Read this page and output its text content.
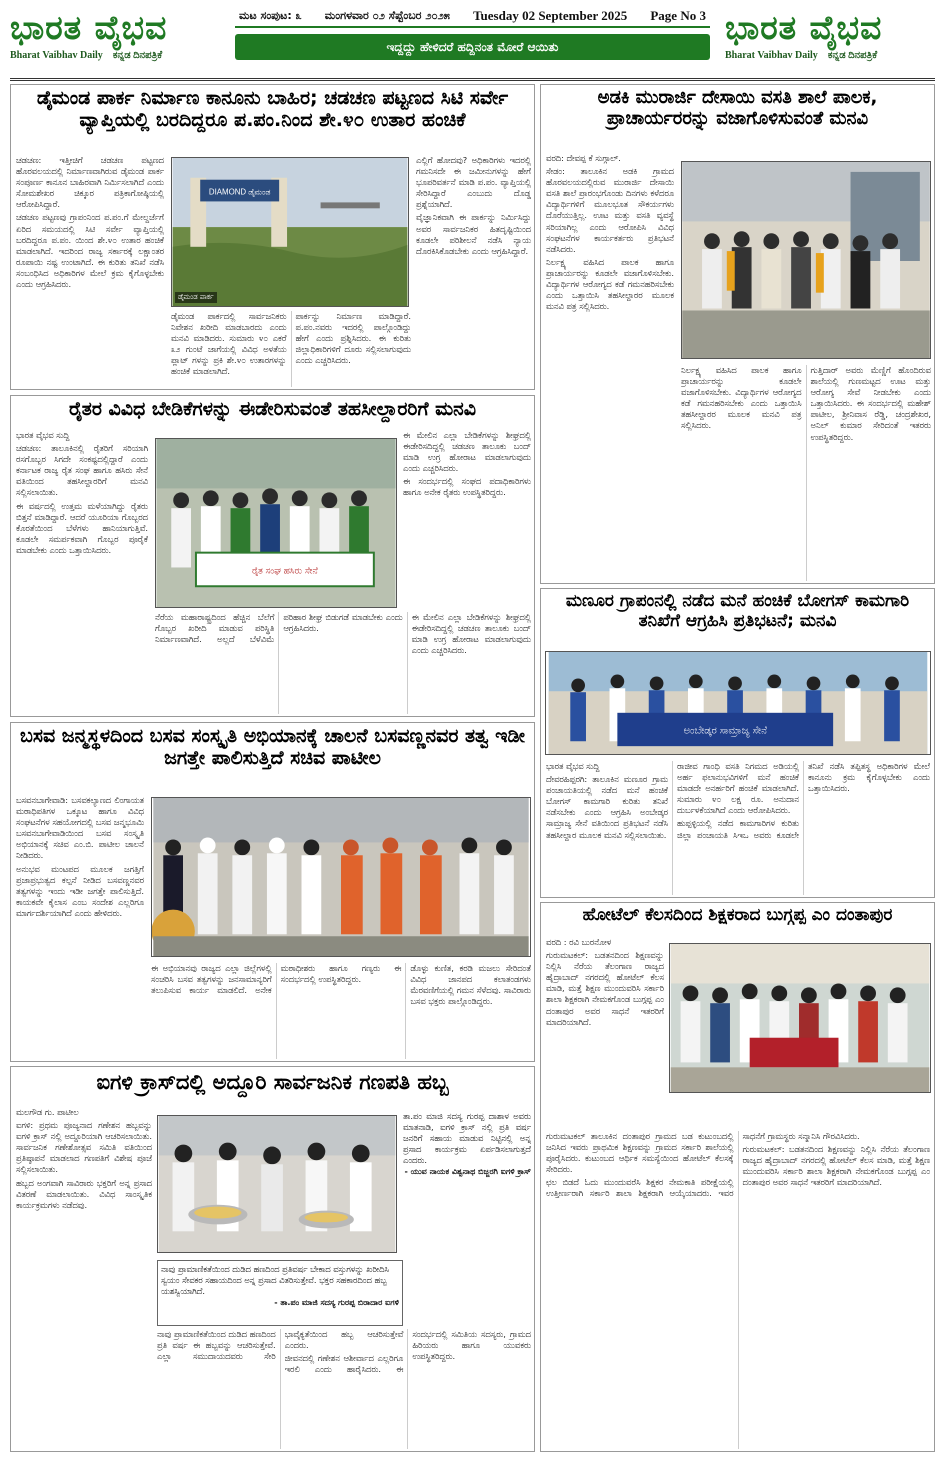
ಭಾರತ ವೈಭವ
Bharat Vaibhav Daily ಕನ್ನಡ ದಿನಪತ್ರಿಕೆ
ಮಟ ಸಂಪುಟ: ೩ ಮಂಗಳವಾರ ೦೨ ಸೆಪ್ಟೆಂಬರ ೨೦೨೫ Tuesday 02 September 2025 Page No 3
ಇದ್ದದ್ದು ಹೇಳಿದರೆ ಹದ್ದಿನಂತ ಮೋರೆ ಆಯಿತು	ಭಾರತ ವೈಭವ
Bharat Vaibhav Daily ಕನ್ನಡ ದಿನಪತ್ರಿಕೆ
ಡೈಮಂಡ ಪಾರ್ಕ ನಿರ್ಮಾಣ ಕಾನೂನು ಬಾಹಿರ; ಚಡಚಣ ಪಟ್ಟಣದ ಸಿಟಿ ಸರ್ವೇ ವ್ಯಾಪ್ತಿಯಲ್ಲಿ ಬರದಿದ್ದರೂ ಪ.ಪಂ.ನಿಂದ ಶೇ.೪೦ ಉತಾರ ಹಂಚಿಕೆ

ಚಡಚಣ: ಇತ್ತೀಚಿಗೆ ಚಡಚಣ ಪಟ್ಟಣದ ಹೊರವಲಯದಲ್ಲಿ ನಿರ್ಮಾಣವಾಗಿರುವ ಡೈಮಂಡ ಪಾರ್ಕ ಸಂಪೂರ್ಣ ಕಾನೂನ ಬಾಹಿರವಾಗಿ ನಿರ್ಮಿಸಲಾಗಿದೆ ಎಂದು ಸೋಮಶೇಖರ ಚಿಕ್ಕೂರ ಪತ್ರಿಕಾಗೋಷ್ಠಿಯಲ್ಲಿ ಆರೋಪಿಸಿದ್ದಾರೆ.

ಚಡಚಣ ಪಟ್ಟಣವು ಗ್ರಾಪಂನಿಂದ ಪ.ಪಂ.ಗೆ ಮೇಲ್ದರ್ಜೆಗೆ ಏರಿದ ಸಮಯದಲ್ಲಿ ಸಿಟಿ ಸರ್ವೇ ವ್ಯಾಪ್ತಿಯಲ್ಲಿ ಬರದಿದ್ದರೂ ಪ.ಪಂ. ಯಿಂದ ಶೇ.೪೦ ಉತಾರ ಹಂಚಿಕೆ ಮಾಡಲಾಗಿದೆ. ಇದರಿಂದ ರಾಜ್ಯ ಸರ್ಕಾರಕ್ಕೆ ಲಕ್ಷಾಂತರ ರೂಪಾಯಿ ನಷ್ಟ ಉಂಟಾಗಿದೆ. ಈ ಕುರಿತು ತನಿಖೆ ನಡೆಸಿ ಸಂಬಂಧಿಸಿದ ಅಧಿಕಾರಿಗಳ ಮೇಲೆ ಕ್ರಮ ಕೈಗೊಳ್ಳಬೇಕು ಎಂದು ಆಗ್ರಹಿಸಿದರು.

DIAMOND ಡೈಮಂಡ
ಡೈಮಂಡ ಪಾರ್ಕ

ಎಲ್ಲಿಗೆ ಹೋದವು? ಅಧಿಕಾರಿಗಳು ಇದರಲ್ಲಿ ಗಮನಿಸದೇ ಈ ಜಮೀನುಗಳನ್ನು ಹೇಗೆ ಭೂಪರಿವರ್ತನೆ ಮಾಡಿ ಪ.ಪಂ. ವ್ಯಾಪ್ತಿಯಲ್ಲಿ ಸೇರಿಸಿದ್ದಾರೆ ಎಂಬುದು ದೊಡ್ಡ ಪ್ರಶ್ನೆಯಾಗಿದೆ.

ವೈಜ್ಞಾನಿಕವಾಗಿ ಈ ಪಾರ್ಕನ್ನು ನಿರ್ಮಿಸಿದ್ದು ಅವರ ಸಾರ್ವಜನಿಕರ ಹಿತದೃಷ್ಟಿಯಿಂದ ಕೂಡಲೇ ಪರಿಶೀಲನೆ ನಡೆಸಿ ನ್ಯಾಯ ದೊರಕಿಸಿಕೊಡಬೇಕು ಎಂದು ಆಗ್ರಹಿಸಿದ್ದಾರೆ.

ಡೈಮಂಡ ಪಾರ್ಕದಲ್ಲಿ ಸಾರ್ವಜನಿಕರು ನಿವೇಶನ ಖರೀದಿ ಮಾಡಬಾರದು ಎಂದು ಮನವಿ ಮಾಡಿದರು. ಸುಮಾರು ೪೦ ಎಕರೆ ೩೨ ಗುಂಟೆ ಜಾಗೆಯಲ್ಲಿ ವಿವಿಧ ಅಳತೆಯ ಪ್ಲಾಟ್ ಗಳನ್ನು ಪ್ರಕಿ ಶೇ.೪೦ ಉತಾರಗಳನ್ನು ಹಂಚಿಕೆ ಮಾಡಲಾಗಿದೆ.

ಪಾರ್ಕನ್ನು ನಿರ್ಮಾಣ ಮಾಡಿದ್ದಾರೆ. ಪ.ಪಂ.ನವರು ಇದರಲ್ಲಿ ಪಾಲ್ಗೊಂಡಿದ್ದು ಹೇಗೆ ಎಂದು ಪ್ರಶ್ನಿಸಿದರು. ಈ ಕುರಿತು ಜಿಲ್ಲಾಧಿಕಾರಿಗಳಿಗೆ ದೂರು ಸಲ್ಲಿಸಲಾಗುವುದು ಎಂದು ಎಚ್ಚರಿಸಿದರು.

ಅಡಕಿ ಮುರಾರ್ಜಿ ದೇಸಾಯಿ ವಸತಿ ಶಾಲೆ ಪಾಲಕ, ಪ್ರಾಚಾರ್ಯರರನ್ನು ವಜಾಗೊಳಿಸುವಂತೆ ಮನವಿ

ವರದಿ: ದೇವಪ್ಪ ಕೆ ಸುಗ್ಗಾಲ್.

ಸೇಡಂ: ತಾಲೂಕಿನ ಅಡಕಿ ಗ್ರಾಮದ ಹೊರವಲಯದಲ್ಲಿರುವ ಮುರಾರ್ಜಿ ದೇಸಾಯಿ ವಸತಿ ಶಾಲೆ ಪ್ರಾರಂಭಗೊಂಡು ದಿನಗಳು ಕಳೆದರೂ ವಿದ್ಯಾರ್ಥಿಗಳಿಗೆ ಮೂಲಭೂತ ಸೌಕರ್ಯಗಳು ದೊರೆಯುತ್ತಿಲ್ಲ. ಊಟ ಮತ್ತು ವಸತಿ ವ್ಯವಸ್ಥೆ ಸರಿಯಾಗಿಲ್ಲ ಎಂದು ಆರೋಪಿಸಿ ವಿವಿಧ ಸಂಘಟನೆಗಳ ಕಾರ್ಯಕರ್ತರು ಪ್ರತಿಭಟನೆ ನಡೆಸಿದರು.

ನಿರ್ಲಕ್ಷ್ಯ ವಹಿಸಿದ ಪಾಲಕ ಹಾಗೂ ಪ್ರಾಚಾರ್ಯರನ್ನು ಕೂಡಲೇ ವಜಾಗೊಳಿಸಬೇಕು. ವಿದ್ಯಾರ್ಥಿಗಳ ಆರೋಗ್ಯದ ಕಡೆ ಗಮನಹರಿಸಬೇಕು ಎಂದು ಒತ್ತಾಯಿಸಿ ತಹಸೀಲ್ದಾರರ ಮೂಲಕ ಮನವಿ ಪತ್ರ ಸಲ್ಲಿಸಿದರು.

ನಿರ್ಲಕ್ಷ್ಯ ವಹಿಸಿದ ಪಾಲಕ ಹಾಗೂ ಪ್ರಾಚಾರ್ಯರನ್ನು ಕೂಡಲೇ ವಜಾಗೊಳಿಸಬೇಕು. ವಿದ್ಯಾರ್ಥಿಗಳ ಆರೋಗ್ಯದ ಕಡೆ ಗಮನಹರಿಸಬೇಕು ಎಂದು ಒತ್ತಾಯಿಸಿ ತಹಸೀಲ್ದಾರರ ಮೂಲಕ ಮನವಿ ಪತ್ರ ಸಲ್ಲಿಸಿದರು.

ಗುತ್ತಿದಾರ್ ಅವರು ಮೆಣ್ಣಿಗೆ ಹೊಂದಿರುವ ಶಾಲೆಯಲ್ಲಿ ಗುಣಮಟ್ಟದ ಊಟ ಮತ್ತು ಆರೋಗ್ಯ ಸೇವೆ ನೀಡಬೇಕು ಎಂದು ಒತ್ತಾಯಿಸಿದರು. ಈ ಸಂದರ್ಭದಲ್ಲಿ ಮಹೇಶ್ ಪಾಟೀಲ, ಶ್ರೀನಿವಾಸ ರೆಡ್ಡಿ, ಚಂದ್ರಶೇಖರ, ಅನಿಲ್ ಕುಮಾರ ಸೇರಿದಂತೆ ಇತರರು ಉಪಸ್ಥಿತರಿದ್ದರು.

ರೈತರ ವಿವಿಧ ಬೇಡಿಕೆಗಳನ್ನು ಈಡೇರಿಸುವಂತೆ ತಹಸೀಲ್ದಾರರಿಗೆ ಮನವಿ

ಭಾರತ ವೈಭವ ಸುದ್ದಿ

ಚಡಚಣ: ತಾಲೂಕಿನಲ್ಲಿ ರೈತರಿಗೆ ಸರಿಯಾಗಿ ರಸಗೊಬ್ಬರ ಸಿಗದೇ ಸಂಕಷ್ಟದಲ್ಲಿದ್ದಾರೆ ಎಂದು ಕರ್ನಾಟಕ ರಾಜ್ಯ ರೈತ ಸಂಘ ಹಾಗೂ ಹಸಿರು ಸೇನೆ ವತಿಯಿಂದ ತಹಸೀಲ್ದಾರರಿಗೆ ಮನವಿ ಸಲ್ಲಿಸಲಾಯಿತು.

ಈ ವರ್ಷದಲ್ಲಿ ಉತ್ತಮ ಮಳೆಯಾಗಿದ್ದು ರೈತರು ಬಿತ್ತನೆ ಮಾಡಿದ್ದಾರೆ. ಆದರೆ ಯೂರಿಯಾ ಗೊಬ್ಬರದ ಕೊರತೆಯಿಂದ ಬೆಳೆಗಳು ಹಾನಿಯಾಗುತ್ತಿವೆ. ಕೂಡಲೇ ಸಮರ್ಪಕವಾಗಿ ಗೊಬ್ಬರ ಪೂರೈಕೆ ಮಾಡಬೇಕು ಎಂದು ಒತ್ತಾಯಿಸಿದರು.

ರೈತ ಸಂಘ ಹಸಿರು ಸೇನೆ

ಈ ಮೇಲಿನ ಎಲ್ಲಾ ಬೇಡಿಕೆಗಳನ್ನು ಶೀಘ್ರದಲ್ಲಿ ಈಡೇರಿಸದಿದ್ದಲ್ಲಿ ಚಡಚಣ ತಾಲೂಕು ಬಂದ್ ಮಾಡಿ ಉಗ್ರ ಹೋರಾಟ ಮಾಡಲಾಗುವುದು ಎಂದು ಎಚ್ಚರಿಸಿದರು.

ಈ ಸಂದರ್ಭದಲ್ಲಿ ಸಂಘದ ಪದಾಧಿಕಾರಿಗಳು ಹಾಗೂ ಅನೇಕ ರೈತರು ಉಪಸ್ಥಿತರಿದ್ದರು.

ನೆರೆಯ ಮಹಾರಾಷ್ಟ್ರದಿಂದ ಹೆಚ್ಚಿನ ಬೆಲೆಗೆ ಗೊಬ್ಬರ ಖರೀದಿ ಮಾಡುವ ಪರಿಸ್ಥಿತಿ ನಿರ್ಮಾಣವಾಗಿದೆ. ಅಲ್ಲದೆ ಬೆಳೆವಿಮೆ ಪರಿಹಾರ ಶೀಘ್ರ ಬಿಡುಗಡೆ ಮಾಡಬೇಕು ಎಂದು ಆಗ್ರಹಿಸಿದರು.

ಈ ಮೇಲಿನ ಎಲ್ಲಾ ಬೇಡಿಕೆಗಳನ್ನು ಶೀಘ್ರದಲ್ಲಿ ಈಡೇರಿಸದಿದ್ದಲ್ಲಿ ಚಡಚಣ ತಾಲೂಕು ಬಂದ್ ಮಾಡಿ ಉಗ್ರ ಹೋರಾಟ ಮಾಡಲಾಗುವುದು ಎಂದು ಎಚ್ಚರಿಸಿದರು.

ಮಣೂರ ಗ್ರಾಪಂನಲ್ಲಿ ನಡೆದ ಮನೆ ಹಂಚಿಕೆ ಬೋಗಸ್ ಕಾಮಗಾರಿ ತನಿಖೆಗೆ ಆಗ್ರಹಿಸಿ ಪ್ರತಿಭಟನೆ; ಮನವಿ
ಅಂಬೇಡ್ಕರ ಸಾಮ್ರಾಜ್ಯ ಸೇನೆ

ಭಾರತ ವೈಭವ ಸುದ್ದಿ

ದೇವರಹಿಪ್ಪರಗಿ: ತಾಲೂಕಿನ ಮಣೂರ ಗ್ರಾಮ ಪಂಚಾಯತಿಯಲ್ಲಿ ನಡೆದ ಮನೆ ಹಂಚಿಕೆ ಬೋಗಸ್ ಕಾಮಗಾರಿ ಕುರಿತು ತನಿಖೆ ನಡೆಸಬೇಕು ಎಂದು ಆಗ್ರಹಿಸಿ ಅಂಬೇಡ್ಕರ ಸಾಮ್ರಾಜ್ಯ ಸೇನೆ ವತಿಯಿಂದ ಪ್ರತಿಭಟನೆ ನಡೆಸಿ ತಹಸೀಲ್ದಾರ ಮೂಲಕ ಮನವಿ ಸಲ್ಲಿಸಲಾಯಿತು.

ರಾಜೀವ ಗಾಂಧಿ ವಸತಿ ನಿಗಮದ ಅಡಿಯಲ್ಲಿ ಅರ್ಹ ಫಲಾನುಭವಿಗಳಿಗೆ ಮನೆ ಹಂಚಿಕೆ ಮಾಡದೇ ಅನರ್ಹರಿಗೆ ಹಂಚಿಕೆ ಮಾಡಲಾಗಿದೆ. ಸುಮಾರು ೪೦ ಲಕ್ಷ ರೂ. ಅನುದಾನ ದುರ್ಬಳಕೆಯಾಗಿದೆ ಎಂದು ಆರೋಪಿಸಿದರು.

ಹುಪ್ಪಳ್ಳಿಯಲ್ಲಿ ನಡೆದ ಕಾಮಗಾರಿಗಳ ಕುರಿತು ಜಿಲ್ಲಾ ಪಂಚಾಯತಿ ಸಿಇಒ ಅವರು ಕೂಡಲೇ ತನಿಖೆ ನಡೆಸಿ ತಪ್ಪಿತಸ್ಥ ಅಧಿಕಾರಿಗಳ ಮೇಲೆ ಕಾನೂನು ಕ್ರಮ ಕೈಗೊಳ್ಳಬೇಕು ಎಂದು ಒತ್ತಾಯಿಸಿದರು.

ಬಸವ ಜನ್ಮಸ್ಥಳದಿಂದ ಬಸವ ಸಂಸ್ಕೃತಿ ಅಭಿಯಾನಕ್ಕೆ ಚಾಲನೆ ಬಸವಣ್ಣನವರ ತತ್ವ ಇಡೀ ಜಗತ್ತೇ ಪಾಲಿಸುತ್ತಿದೆ ಸಚಿವ ಪಾಟೀಲ

ಬಸವನಬಾಗೇವಾಡಿ: ಬಸವಕಲ್ಯಾಣದ ಲಿಂಗಾಯತ ಮಠಾಧಿಪತಿಗಳ ಒಕ್ಕೂಟ ಹಾಗೂ ವಿವಿಧ ಸಂಘಟನೆಗಳ ಸಹಯೋಗದಲ್ಲಿ ಬಸವ ಜನ್ಮಭೂಮಿ ಬಸವನಬಾಗೇವಾಡಿಯಿಂದ ಬಸವ ಸಂಸ್ಕೃತಿ ಅಭಿಯಾನಕ್ಕೆ ಸಚಿವ ಎಂ.ಬಿ. ಪಾಟೀಲ ಚಾಲನೆ ನೀಡಿದರು.

ಅನುಭವ ಮಂಟಪದ ಮೂಲಕ ಜಗತ್ತಿಗೆ ಪ್ರಜಾಪ್ರಭುತ್ವದ ಕಲ್ಪನೆ ನೀಡಿದ ಬಸವಣ್ಣನವರ ತತ್ವಗಳನ್ನು ಇಂದು ಇಡೀ ಜಗತ್ತೇ ಪಾಲಿಸುತ್ತಿದೆ. ಕಾಯಕವೇ ಕೈಲಾಸ ಎಂಬ ಸಂದೇಶ ಎಲ್ಲರಿಗೂ ಮಾರ್ಗದರ್ಶಿಯಾಗಿದೆ ಎಂದು ಹೇಳಿದರು.

ಈ ಅಭಿಯಾನವು ರಾಜ್ಯದ ಎಲ್ಲಾ ಜಿಲ್ಲೆಗಳಲ್ಲಿ ಸಂಚರಿಸಿ ಬಸವ ತತ್ವಗಳನ್ನು ಜನಸಾಮಾನ್ಯರಿಗೆ ತಲುಪಿಸುವ ಕಾರ್ಯ ಮಾಡಲಿದೆ. ಅನೇಕ ಮಠಾಧೀಶರು ಹಾಗೂ ಗಣ್ಯರು ಈ ಸಂದರ್ಭದಲ್ಲಿ ಉಪಸ್ಥಿತರಿದ್ದರು.

ಡೊಳ್ಳು ಕುಣಿತ, ಕರಡಿ ಮಜಲು ಸೇರಿದಂತೆ ವಿವಿಧ ಜಾನಪದ ಕಲಾತಂಡಗಳು ಮೆರವಣಿಗೆಯಲ್ಲಿ ಗಮನ ಸೆಳೆದವು. ಸಾವಿರಾರು ಬಸವ ಭಕ್ತರು ಪಾಲ್ಗೊಂಡಿದ್ದರು.

ಹೋಟೆಲ್ ಕೆಲಸದಿಂದ ಶಿಕ್ಷಕರಾದ ಬುಗ್ಗಪ್ಪ ಎಂ ದಂತಾಪುರ

ವರದಿ : ರವಿ ಬುರನೋಳ

ಗುರುಮಟಕಲ್: ಬಡತನದಿಂದ ಶಿಕ್ಷಣವನ್ನು ನಿಲ್ಲಿಸಿ ನೆರೆಯ ತೆಲಂಗಾಣ ರಾಜ್ಯದ ಹೈದ್ರಾಬಾದ್ ನಗರದಲ್ಲಿ ಹೋಟೆಲ್ ಕೆಲಸ ಮಾಡಿ, ಮತ್ತೆ ಶಿಕ್ಷಣ ಮುಂದುವರಿಸಿ ಸರ್ಕಾರಿ ಶಾಲಾ ಶಿಕ್ಷಕರಾಗಿ ನೇಮಕಗೊಂಡ ಬುಗ್ಗಪ್ಪ ಎಂ ದಂತಾಪುರ ಅವರ ಸಾಧನೆ ಇತರರಿಗೆ ಮಾದರಿಯಾಗಿದೆ.

ಗುರುಮಟಕಲ್ ತಾಲೂಕಿನ ದಂತಾಪುರ ಗ್ರಾಮದ ಬಡ ಕುಟುಂಬದಲ್ಲಿ ಜನಿಸಿದ ಇವರು ಪ್ರಾಥಮಿಕ ಶಿಕ್ಷಣವನ್ನು ಗ್ರಾಮದ ಸರ್ಕಾರಿ ಶಾಲೆಯಲ್ಲಿ ಪೂರೈಸಿದರು. ಕುಟುಂಬದ ಆರ್ಥಿಕ ಸಮಸ್ಯೆಯಿಂದ ಹೋಟೆಲ್ ಕೆಲಸಕ್ಕೆ ಸೇರಿದರು.

ಛಲ ಬಿಡದೆ ಓದು ಮುಂದುವರೆಸಿ ಶಿಕ್ಷಕರ ನೇಮಕಾತಿ ಪರೀಕ್ಷೆಯಲ್ಲಿ ಉತ್ತೀರ್ಣರಾಗಿ ಸರ್ಕಾರಿ ಶಾಲಾ ಶಿಕ್ಷಕರಾಗಿ ಆಯ್ಕೆಯಾದರು. ಇವರ ಸಾಧನೆಗೆ ಗ್ರಾಮಸ್ಥರು ಸನ್ಮಾನಿಸಿ ಗೌರವಿಸಿದರು.

ಗುರುಮಟಕಲ್: ಬಡತನದಿಂದ ಶಿಕ್ಷಣವನ್ನು ನಿಲ್ಲಿಸಿ ನೆರೆಯ ತೆಲಂಗಾಣ ರಾಜ್ಯದ ಹೈದ್ರಾಬಾದ್ ನಗರದಲ್ಲಿ ಹೋಟೆಲ್ ಕೆಲಸ ಮಾಡಿ, ಮತ್ತೆ ಶಿಕ್ಷಣ ಮುಂದುವರಿಸಿ ಸರ್ಕಾರಿ ಶಾಲಾ ಶಿಕ್ಷಕರಾಗಿ ನೇಮಕಗೊಂಡ ಬುಗ್ಗಪ್ಪ ಎಂ ದಂತಾಪುರ ಅವರ ಸಾಧನೆ ಇತರರಿಗೆ ಮಾದರಿಯಾಗಿದೆ.

ಐಗಳಿ ಕ್ರಾಸ್‌ದಲ್ಲಿ ಅದ್ದೂರಿ ಸಾರ್ವಜನಿಕ ಗಣಪತಿ ಹಬ್ಬ

ಮಲಗೌಡ ಗು. ಪಾಟೀಲ

ಐಗಳಿ: ಪ್ರಥಮ ಪೂಜ್ಯನಾದ ಗಣೇಶನ ಹಬ್ಬವನ್ನು ಐಗಳಿ ಕ್ರಾಸ್ ನಲ್ಲಿ ಅದ್ದೂರಿಯಾಗಿ ಆಚರಿಸಲಾಯಿತು. ಸಾರ್ವಜನಿಕ ಗಣೇಶೋತ್ಸವ ಸಮಿತಿ ವತಿಯಿಂದ ಪ್ರತಿಷ್ಠಾಪನೆ ಮಾಡಲಾದ ಗಣಪತಿಗೆ ವಿಶೇಷ ಪೂಜೆ ಸಲ್ಲಿಸಲಾಯಿತು.

ಹಬ್ಬದ ಅಂಗವಾಗಿ ಸಾವಿರಾರು ಭಕ್ತರಿಗೆ ಅನ್ನ ಪ್ರಸಾದ ವಿತರಣೆ ಮಾಡಲಾಯಿತು. ವಿವಿಧ ಸಾಂಸ್ಕೃತಿಕ ಕಾರ್ಯಕ್ರಮಗಳು ನಡೆದವು.

ತಾ.ಪಂ ಮಾಜಿ ಸದಸ್ಯ ಗುರಪ್ಪ ದಾಶಾಳ ಅವರು ಮಾತನಾಡಿ, ಐಗಳಿ ಕ್ರಾಸ್ ನಲ್ಲಿ ಪ್ರತಿ ವರ್ಷ ಜನರಿಗೆ ಸಹಾಯ ಮಾಡುವ ನಿಟ್ಟಿನಲ್ಲಿ ಅನ್ನ ಪ್ರಸಾದ ಕಾರ್ಯಕ್ರಮ ಏರ್ಪಡಿಸಲಾಗುತ್ತದೆ ಎಂದರು.

- ಯುವ ನಾಯಕ ವಿಶ್ವನಾಥ ಬಿಜ್ಜರಗಿ ಐಗಳಿ ಕ್ರಾಸ್

ನಾವು ಪ್ರಾಮಾಣಿಕತೆಯಿಂದ ದುಡಿದ ಹಣದಿಂದ ಪ್ರತಿವರ್ಷ ಬೇಕಾದ ವಸ್ತುಗಳನ್ನು ಖರೀದಿಸಿ ಸ್ವಯಂ ಸೇವಕರ ಸಹಾಯದಿಂದ ಅನ್ನ ಪ್ರಸಾದ ವಿತರಿಸುತ್ತೇವೆ. ಭಕ್ತರ ಸಹಕಾರದಿಂದ ಹಬ್ಬ ಯಶಸ್ವಿಯಾಗಿದೆ.

- ತಾ.ಪಂ ಮಾಜಿ ಸದಸ್ಯ ಗುರಪ್ಪ ಬಿರಾದಾರ ಐಗಳಿ

ನಾವು ಪ್ರಾಮಾಣಿಕತೆಯಿಂದ ದುಡಿದ ಹಣದಿಂದ ಪ್ರತಿ ವರ್ಷ ಈ ಹಬ್ಬವನ್ನು ಆಚರಿಸುತ್ತೇವೆ. ಎಲ್ಲಾ ಸಮುದಾಯದವರು ಸೇರಿ ಭಾವೈಕ್ಯತೆಯಿಂದ ಹಬ್ಬ ಆಚರಿಸುತ್ತೇವೆ ಎಂದರು.

ಜೀವನದಲ್ಲಿ ಗಣೇಶನ ಆಶೀರ್ವಾದ ಎಲ್ಲರಿಗೂ ಇರಲಿ ಎಂದು ಹಾರೈಸಿದರು. ಈ ಸಂದರ್ಭದಲ್ಲಿ ಸಮಿತಿಯ ಸದಸ್ಯರು, ಗ್ರಾಮದ ಹಿರಿಯರು ಹಾಗೂ ಯುವಕರು ಉಪಸ್ಥಿತರಿದ್ದರು.
